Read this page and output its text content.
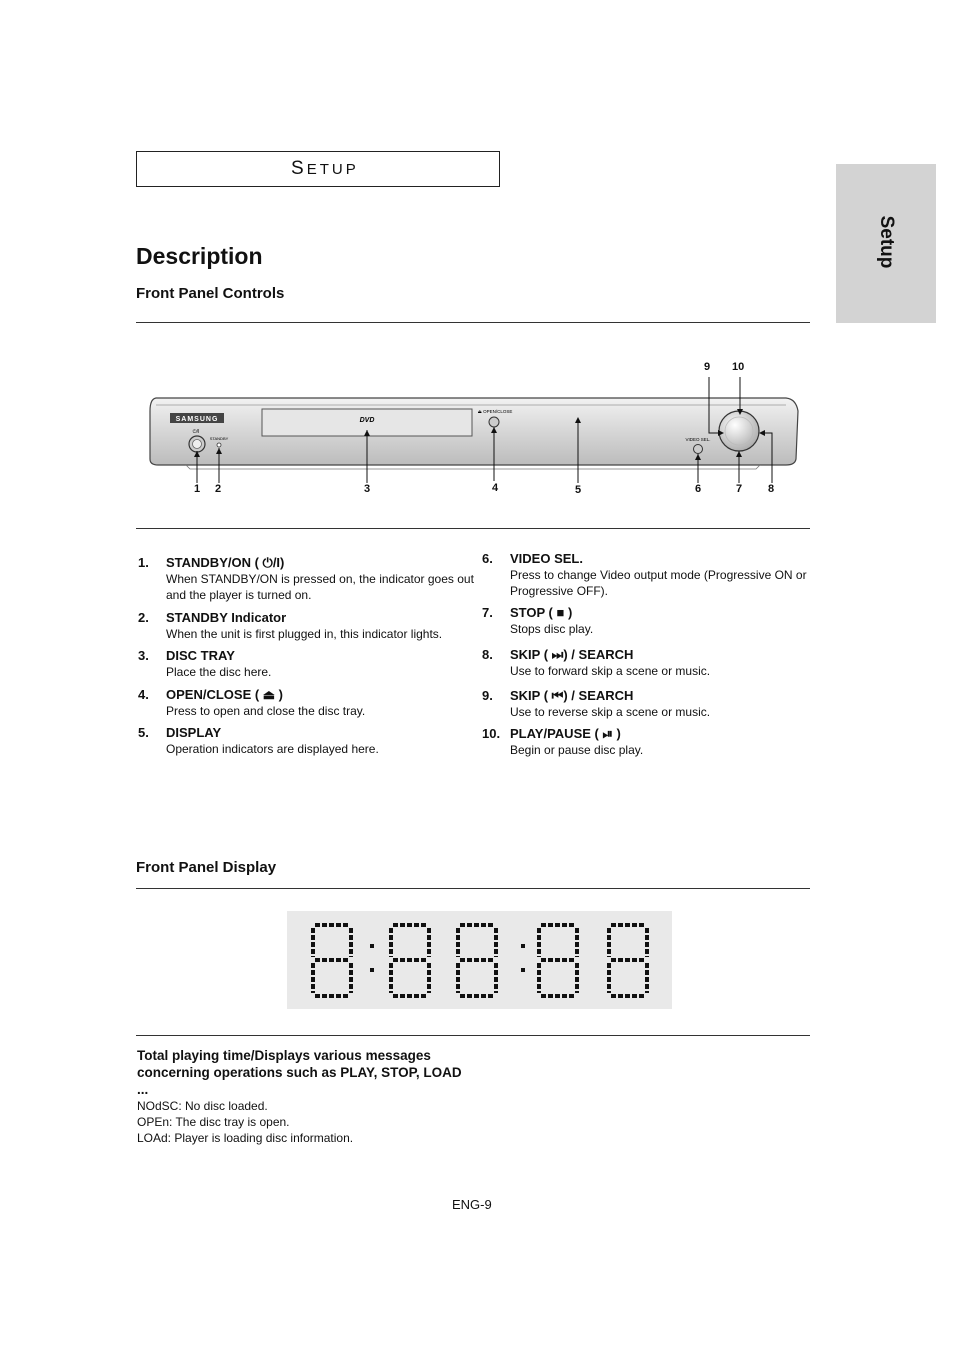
S ETUP
Setup
Description
Front Panel Controls
SAMSUNG	DVD
⏻/I
STANDBY
⏏ OPEN/CLOSE
VIDEO SEL.
9 10
1 2	3	4	5	6	7 8
1. STANDBY/ON ( ⏻/I)
When STANDBY/ON is pressed on, the indicator goes out and the player is turned on.
2. STANDBY Indicator
When the unit is first plugged in, this indicator lights.
3. DISC TRAY
Place the disc here.
4. OPEN/CLOSE ( ⏏ )
Press to open and close the disc tray.
5. DISPLAY
Operation indicators are displayed here.
6. VIDEO SEL.
Press to change Video output mode (Progressive ON or Progressive OFF).
7. STOP ( ■ )
Stops disc play.
8. SKIP ( ⏭) / SEARCH
Use to forward skip a scene or music.
9. SKIP ( ⏮) / SEARCH
Use to reverse skip a scene or music.
10. PLAY/PAUSE ( ⏯ )
Begin or pause disc play.
Front Panel Display
Total playing time/Displays various messages concerning operations such as PLAY, STOP, LOAD ...
NOdSC: No disc loaded.
OPEn: The disc tray is open.
LOAd: Player is loading disc information.
ENG-9
